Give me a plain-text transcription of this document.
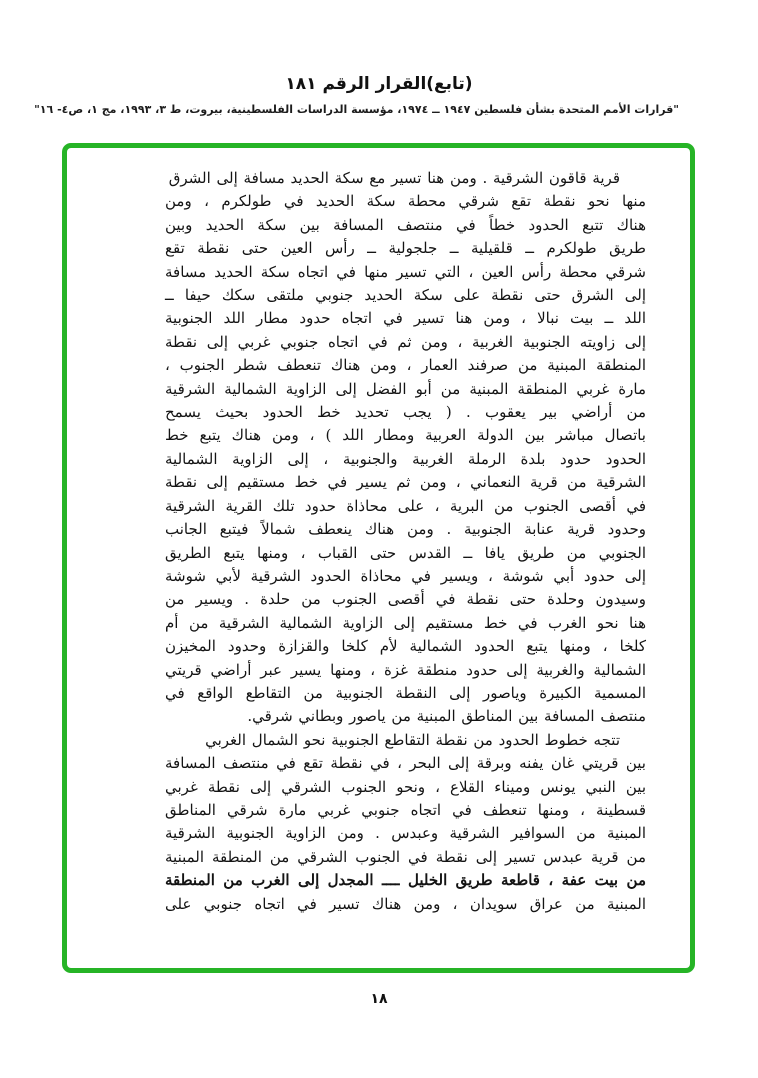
(تابع)القرار الرقم ١٨١
"قرارات الأمم المتحدة بشأن فلسطين ١٩٤٧ ــ ١٩٧٤، مؤسسة الدراسات الفلسطينية، بيروت، ط ٣، ١٩٩٣، مج ١، ص٤- ١٦"
قرية قاقون الشرقية . ومن هنا تسير مع سكة الحديد مسافة إلى الشرق
منها نحو نقطة تقع شرقي محطة سكة الحديد في طولكرم ، ومن
هناك تتبع الحدود خطاً في منتصف المسافة بين سكة الحديد وبين
طريق طولكرم ــ قلقيلية ــ جلجولية ــ رأس العين حتى نقطة تقع
شرقي محطة رأس العين ، التي تسير منها في اتجاه سكة الحديد مسافة
إلى الشرق حتى نقطة على سكة الحديد جنوبي ملتقى سكك حيفا ــ
اللد ــ بيت نبالا ، ومن هنا تسير في اتجاه حدود مطار اللد الجنوبية
إلى زاويته الجنوبية الغربية ، ومن ثم في اتجاه جنوبي غربي إلى نقطة
المنطقة المبنية من صرفند العمار ، ومن هناك تنعطف شطر الجنوب ،
مارة غربي المنطقة المبنية من أبو الفضل إلى الزاوية الشمالية الشرقية
من أراضي بير يعقوب . ( يجب تحديد خط الحدود بحيث يسمح
باتصال مباشر بين الدولة العربية ومطار اللد ) ، ومن هناك يتبع خط
الحدود حدود بلدة الرملة الغربية والجنوبية ، إلى الزاوية الشمالية
الشرقية من قرية النعماني ، ومن ثم يسير في خط مستقيم إلى نقطة
في أقصى الجنوب من البرية ، على محاذاة حدود تلك القرية الشرقية
وحدود قرية عنابة الجنوبية . ومن هناك ينعطف شمالاً فيتبع الجانب
الجنوبي من طريق يافا ــ القدس حتى القباب ، ومنها يتبع الطريق
إلى حدود أبي شوشة ، ويسير في محاذاة الحدود الشرقية لأبي شوشة
وسيدون وحلدة حتى نقطة في أقصى الجنوب من حلدة . ويسير من
هنا نحو الغرب في خط مستقيم إلى الزاوية الشمالية الشرقية من أم
كلخا ، ومنها يتبع الحدود الشمالية لأم كلخا والقزازة وحدود المخيزن
الشمالية والغربية إلى حدود منطقة غزة ، ومنها يسير عبر أراضي قريتي
المسمية الكبيرة وياصور إلى النقطة الجنوبية من التقاطع الواقع في
منتصف المسافة بين المناطق المبنية من ياصور وبطاني شرقي.
تتجه خطوط الحدود من نقطة التقاطع الجنوبية نحو الشمال الغربي
بين قريتي غان يفنه وبرقة إلى البحر ، في نقطة تقع في منتصف المسافة
بين النبي يونس وميناء القلاع ، ونحو الجنوب الشرقي إلى نقطة غربي
قسطينة ، ومنها تنعطف في اتجاه جنوبي غربي مارة شرقي المناطق
المبنية من السوافير الشرقية وعبدس . ومن الزاوية الجنوبية الشرقية
من قرية عبدس تسير إلى نقطة في الجنوب الشرقي من المنطقة المبنية
من بيت عفة ، قاطعة طريق الخليل ــــ المجدل إلى الغرب من المنطقة
المبنية من عراق سويدان ، ومن هناك تسير في اتجاه جنوبي على
١٨
